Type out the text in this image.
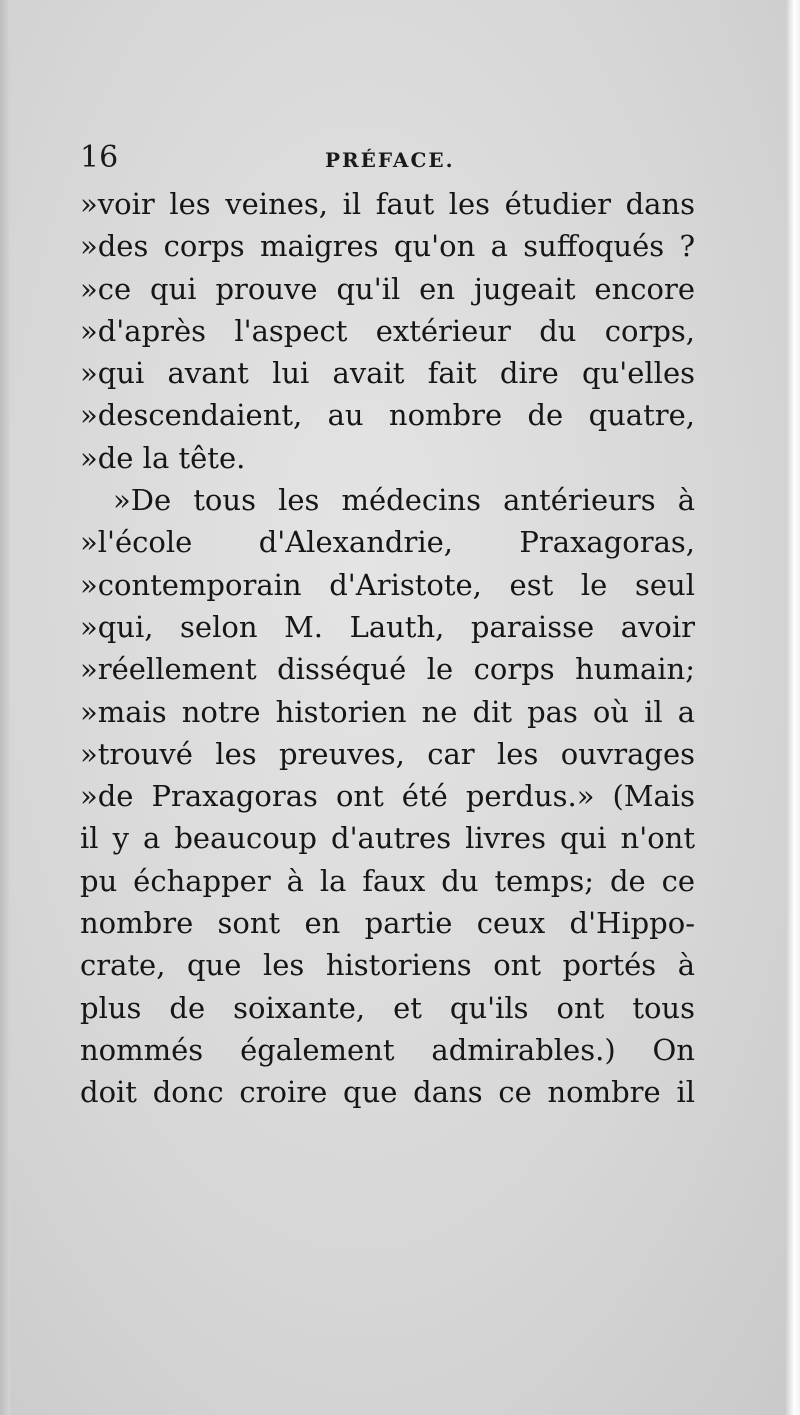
16	PRÉFACE.
»voir les veines, il faut les étudier dans
»des corps maigres qu'on a suffoqués ?
»ce qui prouve qu'il en jugeait encore
»d'après l'aspect extérieur du corps,
»qui avant lui avait fait dire qu'elles
»descendaient, au nombre de quatre,
»de la tête.
»De tous les médecins antérieurs à
»l'école d'Alexandrie, Praxagoras,
»contemporain d'Aristote, est le seul
»qui, selon M. Lauth, paraisse avoir
»réellement disséqué le corps humain;
»mais notre historien ne dit pas où il a
»trouvé les preuves, car les ouvrages
»de Praxagoras ont été perdus.» (Mais
il y a beaucoup d'autres livres qui n'ont
pu échapper à la faux du temps; de ce
nombre sont en partie ceux d'Hippo-
crate, que les historiens ont portés à
plus de soixante, et qu'ils ont tous
nommés également admirables.) On
doit donc croire que dans ce nombre il
